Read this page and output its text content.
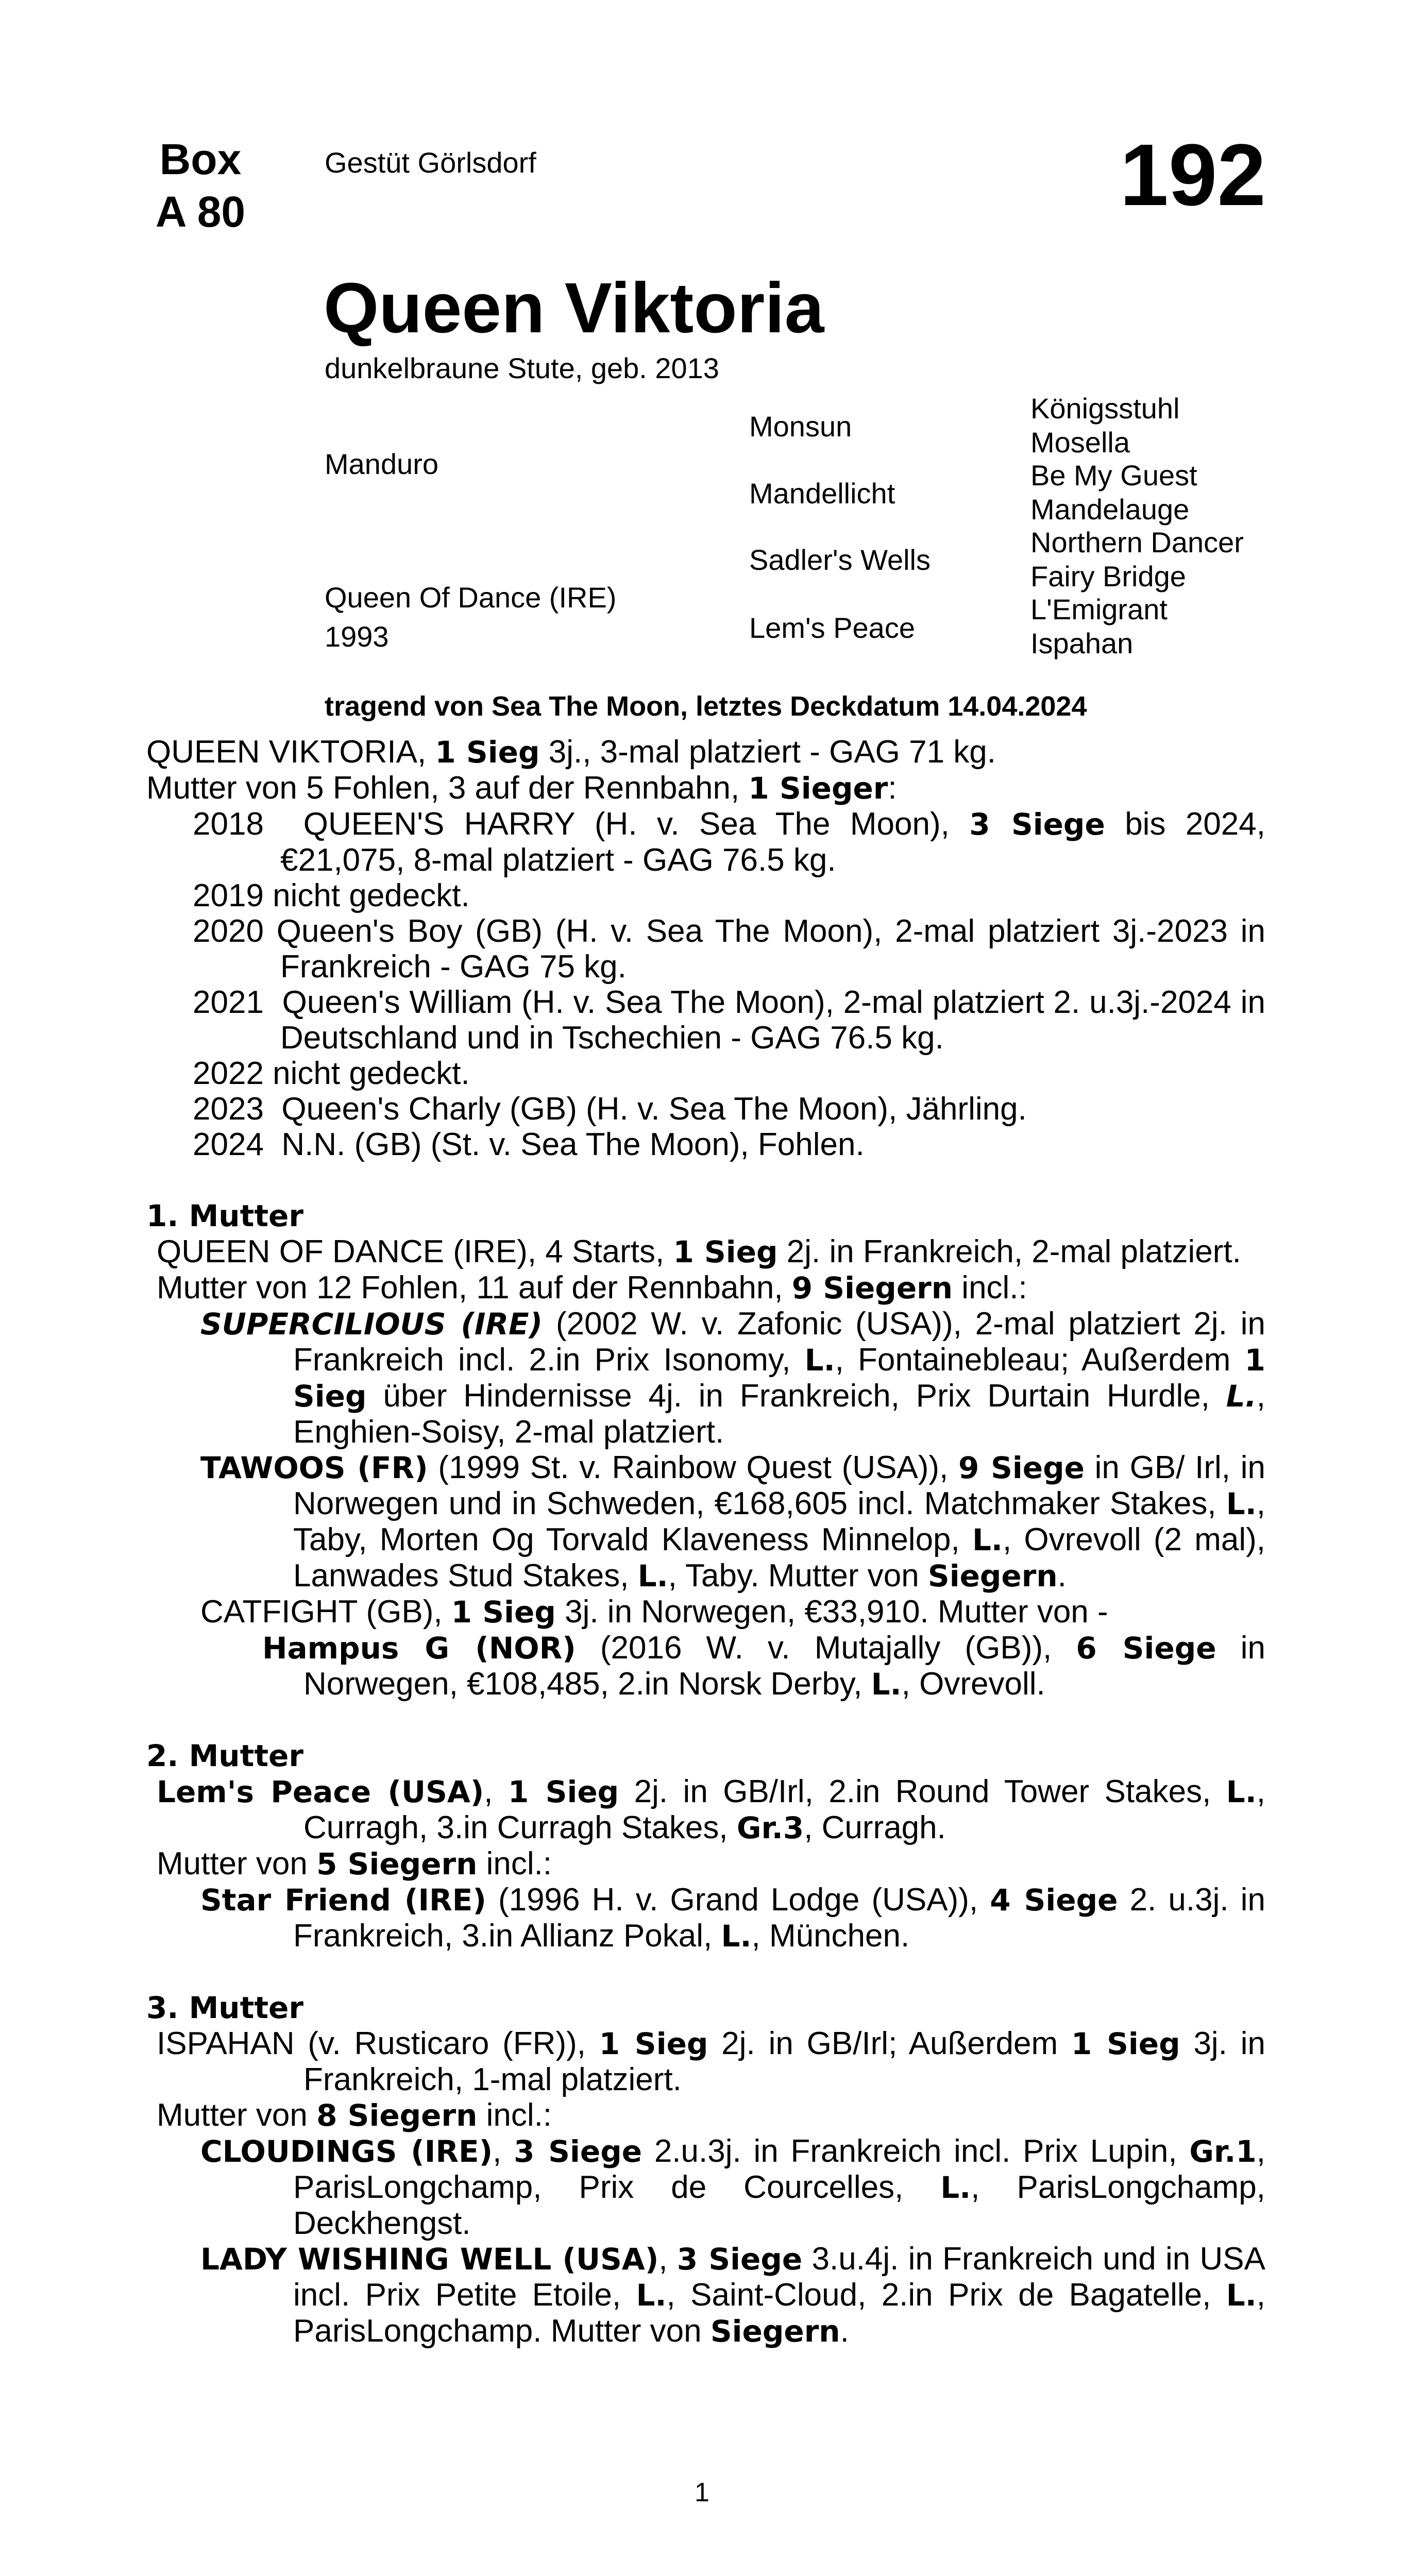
Box
A 80
Gestüt Görlsdorf	192
Queen Viktoria
dunkelbraune Stute, geb. 2013
Manduro
Queen Of Dance (IRE)
1993
Monsun
Mandellicht
Sadler's Wells
Lem's Peace
Königsstuhl
Mosella
Be My Guest
Mandelauge
Northern Dancer
Fairy Bridge
L'Emigrant
Ispahan
tragend von Sea The Moon, letztes Deckdatum 14.04.2024

QUEEN VIKTORIA, 1 Sieg 3j., 3-mal platziert - GAG 71 kg.

Mutter von 5 Fohlen, 3 auf der Rennbahn, 1 Sieger:

2018  QUEEN'S HARRY (H. v. Sea The Moon), 3 Siege bis 2024, €21,075, 8-mal platziert - GAG 76.5 kg.

2019 nicht gedeckt.

2020 Queen's Boy (GB) (H. v. Sea The Moon), 2-mal platziert 3j.-2023 in Frankreich - GAG 75 kg.

2021  Queen's William (H. v. Sea The Moon), 2-mal platziert 2. u.3j.-2024 in Deutschland und in Tschechien - GAG 76.5 kg.

2022 nicht gedeckt.

2023  Queen's Charly (GB) (H. v. Sea The Moon), Jährling.

2024  N.N. (GB) (St. v. Sea The Moon), Fohlen.

1. Mutter

QUEEN OF DANCE (IRE), 4 Starts, 1 Sieg 2j. in Frankreich, 2-mal platziert.

Mutter von 12 Fohlen, 11 auf der Rennbahn, 9 Siegern incl.:

SUPERCILIOUS (IRE) (2002 W. v. Zafonic (USA)), 2-mal platziert 2j. in Frankreich incl. 2.in Prix Isonomy, L., Fontainebleau; Außerdem 1 Sieg über Hindernisse 4j. in Frankreich, Prix Durtain Hurdle, L., Enghien-Soisy, 2-mal platziert.

TAWOOS (FR) (1999 St. v. Rainbow Quest (USA)), 9 Siege in GB/ Irl, in Norwegen und in Schweden, €168,605 incl. Matchmaker Stakes, L., Taby, Morten Og Torvald Klaveness Minnelop, L., Ovrevoll (2 mal), Lanwades Stud Stakes, L., Taby. Mutter von Siegern.

CATFIGHT (GB), 1 Sieg 3j. in Norwegen, €33,910. Mutter von -

Hampus G (NOR) (2016 W. v. Mutajally (GB)), 6 Siege in Norwegen, €108,485, 2.in Norsk Derby, L., Ovrevoll.

2. Mutter

Lem's Peace (USA), 1 Sieg 2j. in GB/Irl, 2.in Round Tower Stakes, L., Curragh, 3.in Curragh Stakes, Gr.3, Curragh.

Mutter von 5 Siegern incl.:

Star Friend (IRE) (1996 H. v. Grand Lodge (USA)), 4 Siege 2. u.3j. in Frankreich, 3.in Allianz Pokal, L., München.

3. Mutter

ISPAHAN (v. Rusticaro (FR)), 1 Sieg 2j. in GB/Irl; Außerdem 1 Sieg 3j. in Frankreich, 1-mal platziert.

Mutter von 8 Siegern incl.:

CLOUDINGS (IRE), 3 Siege 2.u.3j. in Frankreich incl. Prix Lupin, Gr.1, ParisLongchamp, Prix de Courcelles, L., ParisLongchamp, Deckhengst.

LADY WISHING WELL (USA), 3 Siege 3.u.4j. in Frankreich und in USA incl. Prix Petite Etoile, L., Saint-Cloud, 2.in Prix de Bagatelle, L., ParisLongchamp. Mutter von Siegern.

1
